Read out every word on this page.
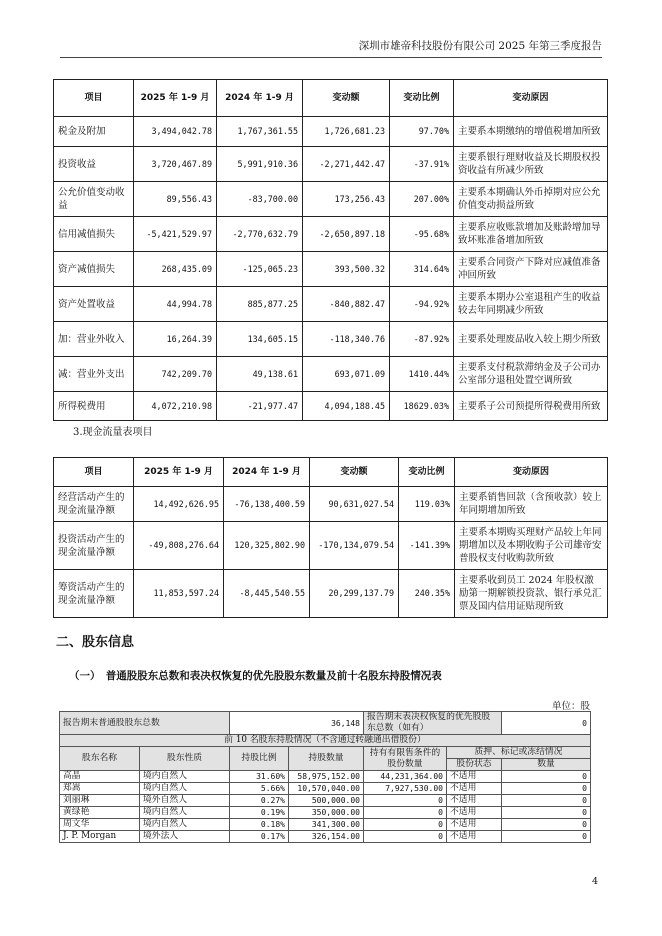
深圳市雄帝科技股份有限公司 2025 年第三季度报告
项目	2025 年 1-9 月	2024 年 1-9 月	变动额	变动比例	变动原因
税金及附加	3,494,042.78	1,767,361.55	1,726,681.23	97.70%	主要系本期缴纳的增值税增加所致
投资收益	3,720,467.89	5,991,910.36	-2,271,442.47	-37.91%	主要系银行理财收益及长期股权投资收益有所减少所致
公允价值变动收益	89,556.43	-83,700.00	173,256.43	207.00%	主要系本期确认外币掉期对应公允价值变动损益所致
信用减值损失	-5,421,529.97	-2,770,632.79	-2,650,897.18	-95.68%	主要系应收账款增加及账龄增加导致坏账准备增加所致
资产减值损失	268,435.09	-125,065.23	393,500.32	314.64%	主要系合同资产下降对应减值准备冲回所致
资产处置收益	44,994.78	885,877.25	-840,882.47	-94.92%	主要系本期办公室退租产生的收益较去年同期减少所致
加：营业外收入	16,264.39	134,605.15	-118,340.76	-87.92%	主要系处理废品收入较上期少所致
减：营业外支出	742,209.70	49,138.61	693,071.09	1410.44%	主要系支付税款滞纳金及子公司办公室部分退租处置空调所致
所得税费用	4,072,210.98	-21,977.47	4,094,188.45	18629.03%	主要系子公司预提所得税费用所致
3.现金流量表项目
项目	2025 年 1-9 月	2024 年 1-9 月	变动额	变动比例	变动原因
经营活动产生的现金流量净额	14,492,626.95	-76,138,400.59	90,631,027.54	119.03%	主要系销售回款（含预收款）较上年同期增加所致
投资活动产生的现金流量净额	-49,808,276.64	120,325,802.90	-170,134,079.54	-141.39%	主要系本期购买理财产品较上年同期增加以及本期收购子公司雄帝安普股权支付收购款所致
筹资活动产生的现金流量净额	11,853,597.24	-8,445,540.55	20,299,137.79	240.35%	主要系收到员工 2024 年股权激励第一期解锁投资款、银行承兑汇票及国内信用证贴现所致
二、股东信息
（一）　普通股股东总数和表决权恢复的优先股股东数量及前十名股东持股情况表
单位：股
报告期末普通股股东总数		36,148		报告期末表决权恢复的优先股股东总数（如有）		0
前 10 名股东持股情况（不含通过转融通出借股份）						
股东名称	股东性质	持股比例	持股数量	持有有限售条件的股份数量	质押、标记或冻结情况	
					股份状态	数量
高晶	境内自然人	31.60%	58,975,152.00	44,231,364.00	不适用	0
郑嵩	境内自然人	5.66%	10,570,040.00	7,927,530.00	不适用	0
刘丽琳	境外自然人	0.27%	500,000.00	0	不适用	0
黄绿艳	境内自然人	0.19%	350,000.00	0	不适用	0
周文华	境内自然人	0.18%	341,300.00	0	不适用	0
J. P. Morgan	境外法人	0.17%	326,154.00	0	不适用	0
4
